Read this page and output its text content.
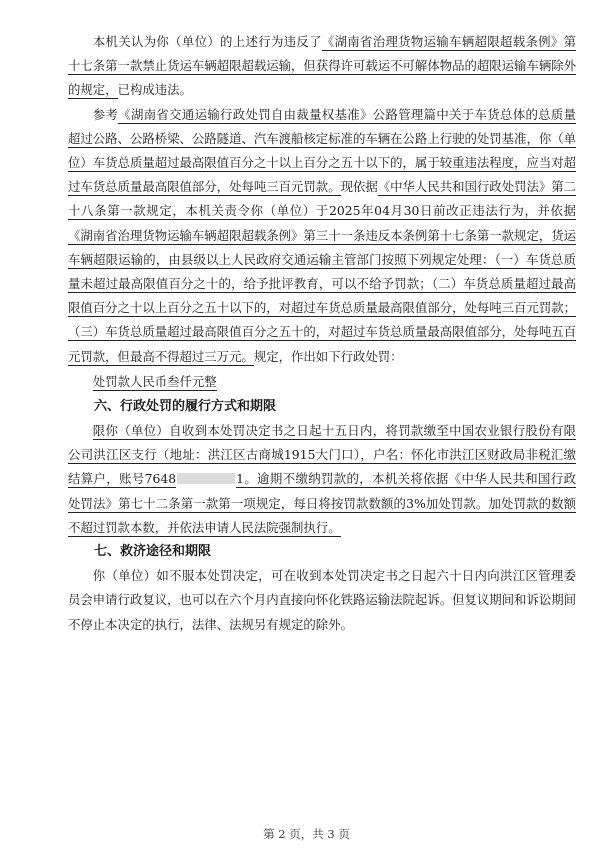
本机关认为你（单位）的上述行为违反了《湖南省治理货物运输车辆超限超载条例》第十七条第一款禁止货运车辆超限超载运输，但获得许可载运不可解体物品的超限运输车辆除外的规定，已构成违法。

参考《湖南省交通运输行政处罚自由裁量权基准》公路管理篇中关于车货总体的总质量超过公路、公路桥梁、公路隧道、汽车渡船核定标准的车辆在公路上行驶的处罚基准，你（单位）车货总质量超过最高限值百分之十以上百分之五十以下的，属于较重违法程度，应当对超过车货总质量最高限值部分，处每吨三百元罚款。现依据《中华人民共和国行政处罚法》第二十八条第一款规定，本机关责令你（单位）于2025年04月30日前改正违法行为，并依据《湖南省治理货物运输车辆超限超载条例》第三十一条违反本条例第十七条第一款规定，货运车辆超限运输的，由县级以上人民政府交通运输主管部门按照下列规定处理：（一）车货总质量未超过最高限值百分之十的，给予批评教育，可以不给予罚款；（二）车货总质量超过最高限值百分之十以上百分之五十以下的，对超过车货总质量最高限值部分，处每吨三百元罚款；（三）车货总质量超过最高限值百分之五十的，对超过车货总质量最高限值部分，处每吨五百元罚款，但最高不得超过三万元。规定，作出如下行政处罚：

处罚款人民币叁仟元整

六、行政处罚的履行方式和期限

限你（单位）自收到本处罚决定书之日起十五日内，将罚款缴至中国农业银行股份有限公司洪江区支行（地址：洪江区古商城1915大门口），户名：怀化市洪江区财政局非税汇缴结算户，账号7648	1。逾期不缴纳罚款的，本机关将依据《中华人民共和国行政处罚法》第七十二条第一款第一项规定，每日将按罚款数额的3%加处罚款。加处罚款的数额不超过罚款本数，并依法申请人民法院强制执行。

七、救济途径和期限

你（单位）如不服本处罚决定，可在收到本处罚决定书之日起六十日内向洪江区管理委员会申请行政复议，也可以在六个月内直接向怀化铁路运输法院起诉。但复议期间和诉讼期间不停止本决定的执行，法律、法规另有规定的除外。

第 2 页，共 3 页
